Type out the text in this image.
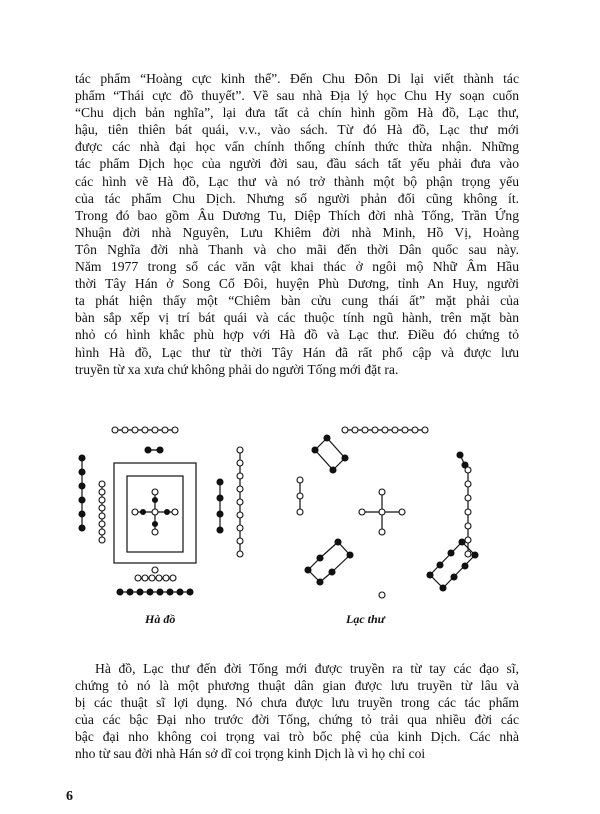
tác phẩm “Hoàng cực kinh thế”. Đến Chu Đôn Di lại viết thành tác
phẩm “Thái cực đồ thuyết”. Về sau nhà Địa lý học Chu Hy soạn cuốn
“Chu dịch bản nghĩa”, lại đưa tất cả chín hình gồm Hà đồ, Lạc thư,
hậu, tiên thiên bát quái, v.v., vào sách. Từ đó Hà đồ, Lạc thư mới
được các nhà đại học vấn chính thống chính thức thừa nhận. Những
tác phẩm Dịch học của người đời sau, đầu sách tất yếu phải đưa vào
các hình vẽ Hà đồ, Lạc thư và nó trở thành một bộ phận trọng yếu
của tác phẩm Chu Dịch. Nhưng số người phản đối cũng không ít.
Trong đó bao gồm Âu Dương Tu, Diệp Thích đời nhà Tống, Trần Ứng
Nhuận đời nhà Nguyên, Lưu Khiêm đời nhà Minh, Hồ Vị, Hoàng
Tôn Nghĩa đời nhà Thanh và cho mãi đến thời Dân quốc sau này.
Năm 1977 trong số các văn vật khai thác ở ngôi mộ Nhữ Âm Hầu
thời Tây Hán ở Song Cổ Đôi, huyện Phù Dương, tỉnh An Huy, người
ta phát hiện thấy một “Chiêm bàn cửu cung thái ất” mặt phải của
bàn sắp xếp vị trí bát quái và các thuộc tính ngũ hành, trên mặt bàn
nhỏ có hình khắc phù hợp với Hà đồ và Lạc thư. Điều đó chứng tỏ
hình Hà đồ, Lạc thư từ thời Tây Hán đã rất phổ cập và được lưu
truyền từ xa xưa chứ không phải do người Tống mới đặt ra.
Hà đồ	Lạc thư
Hà đồ, Lạc thư đến đời Tống mới được truyền ra từ tay các đạo sĩ,
chứng tỏ nó là một phương thuật dân gian được lưu truyền từ lâu và
bị các thuật sĩ lợi dụng. Nó chưa được lưu truyền trong các tác phẩm
của các bậc Đại nho trước đời Tống, chứng tỏ trải qua nhiều đời các
bậc đại nho không coi trọng vai trò bốc phệ của kinh Dịch. Các nhà
nho từ sau đời nhà Hán sở dĩ coi trọng kinh Dịch là vì họ chỉ coi
6
